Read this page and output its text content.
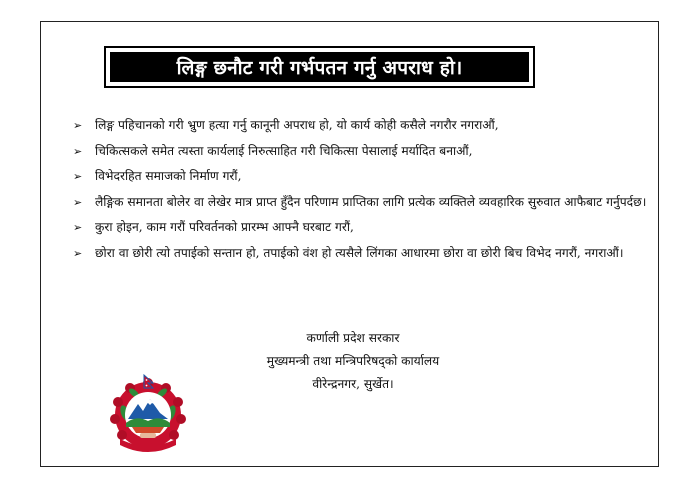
लिङ्ग छनौट गरी गर्भपतन गर्नु अपराध हो।
➢	लिङ्ग पहिचानको गरी भ्रुण हत्या गर्नु कानूनी अपराध हो, यो कार्य कोही कसैले नगरौर नगराऔं,
➢	चिकित्सकले समेत त्यस्ता कार्यलाई निरुत्साहित गरी चिकित्सा पेसालाई मर्यादित बनाऔं,
➢	विभेदरहित समाजको निर्माण गरौं,
➢	लैङ्गिक समानता बोलेर वा लेखेर मात्र प्राप्त हुँदैन परिणाम प्राप्तिका लागि प्रत्येक व्यक्तिले व्यवहारिक सुरुवात आफैबाट गर्नुपर्दछ।
➢	कुरा होइन, काम गरौं परिवर्तनको प्रारम्भ आफ्नै घरबाट गरौं,
➢	छोरा वा छोरी त्यो तपाईको सन्तान हो, तपाईको वंश हो त्यसैले लिंगका आधारमा छोरा वा छोरी बिच विभेद नगरौं, नगराऔं।
कर्णाली प्रदेश सरकार
मुख्यमन्त्री तथा मन्त्रिपरिषद्को कार्यालय
वीरेन्द्रनगर, सुर्खेत।
